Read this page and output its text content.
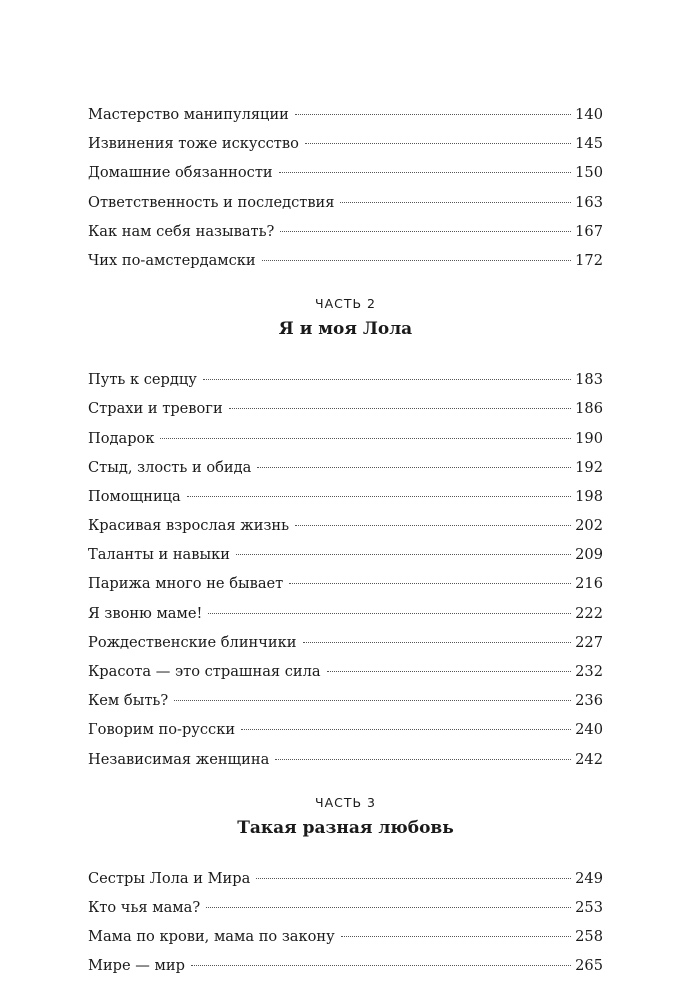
Мастерство манипуляции	140
Извинения тоже искусство	145
Домашние обязанности	150
Ответственность и последствия	163
Как нам себя называть?	167
Чих по-амстердамски	172
ЧАСТЬ 2
Я и моя Лола
Путь к сердцу	183
Страхи и тревоги	186
Подарок	190
Стыд, злость и обида	192
Помощница	198
Красивая взрослая жизнь	202
Таланты и навыки	209
Парижа много не бывает	216
Я звоню маме!	222
Рождественские блинчики	227
Красота — это страшная сила	232
Кем быть?	236
Говорим по-русски	240
Независимая женщина	242
ЧАСТЬ 3
Такая разная любовь
Сестры Лола и Мира	249
Кто чья мама?	253
Мама по крови, мама по закону	258
Мире — мир	265
